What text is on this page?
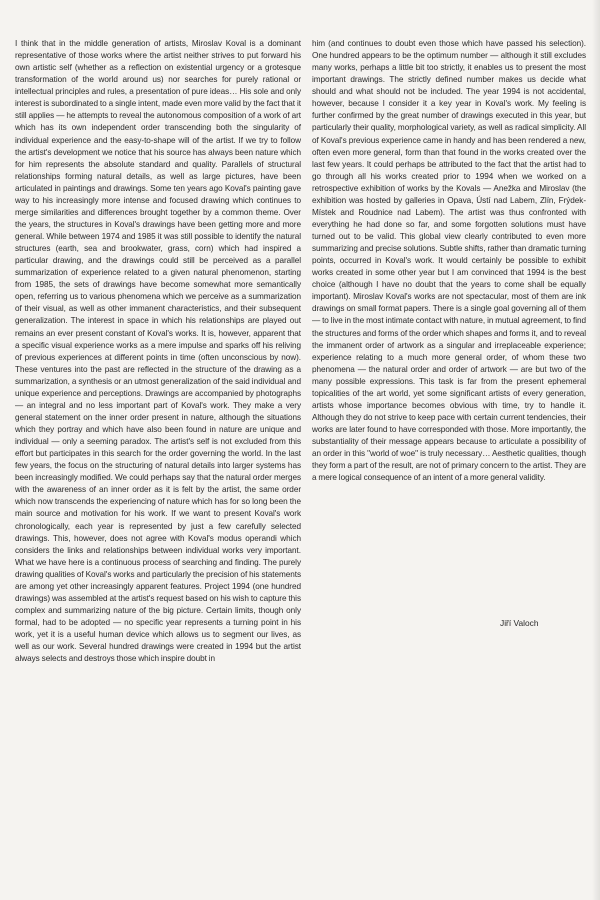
I think that in the middle generation of artists, Miroslav Koval is a dominant representative of those works where the artist neither strives to put forward his own artistic self (whether as a reflection on existential urgency or a grotesque transformation of the world around us) nor searches for purely rational or intellectual principles and rules, a presentation of pure ideas… His sole and only interest is subordinated to a single intent, made even more valid by the fact that it still applies — he attempts to reveal the autonomous composition of a work of art which has its own independent order transcending both the singularity of individual experience and the easy-to-shape will of the artist. If we try to follow the artist's development we notice that his source has always been nature which for him represents the absolute standard and quality. Parallels of structural relationships forming natural details, as well as large pictures, have been articulated in paintings and drawings. Some ten years ago Koval's painting gave way to his increasingly more intense and focused drawing which continues to merge similarities and differences brought together by a common theme. Over the years, the structures in Koval's drawings have been getting more and more general. While between 1974 and 1985 it was still possible to identify the natural structures (earth, sea and brookwater, grass, corn) which had inspired a particular drawing, and the drawings could still be perceived as a parallel summarization of experience related to a given natural phenomenon, starting from 1985, the sets of drawings have become somewhat more semantically open, referring us to various phenomena which we perceive as a summarization of their visual, as well as other immanent characteristics, and their subsequent generalization. The interest in space in which his relationships are played out remains an ever present constant of Koval's works. It is, however, apparent that a specific visual experience works as a mere impulse and sparks off his reliving of previous experiences at different points in time (often unconscious by now). These ventures into the past are reflected in the structure of the drawing as a summarization, a synthesis or an utmost generalization of the said individual and unique experience and perceptions. Drawings are accompanied by photographs — an integral and no less important part of Koval's work. They make a very general statement on the inner order present in nature, although the situations which they portray and which have also been found in nature are unique and individual — only a seeming paradox. The artist's self is not excluded from this effort but participates in this search for the order governing the world. In the last few years, the focus on the structuring of natural details into larger systems has been increasingly modified. We could perhaps say that the natural order merges with the awareness of an inner order as it is felt by the artist, the same order which now transcends the experiencing of nature which has for so long been the main source and motivation for his work. If we want to present Koval's work chronologically, each year is represented by just a few carefully selected drawings. This, however, does not agree with Koval's modus operandi which considers the links and relationships between individual works very important. What we have here is a continuous process of searching and finding. The purely drawing qualities of Koval's works and particularly the precision of his statements are among yet other increasingly apparent features. Project 1994 (one hundred drawings) was assembled at the artist's request based on his wish to capture this complex and summarizing nature of the big picture. Certain limits, though only formal, had to be adopted — no specific year represents a turning point in his work, yet it is a useful human device which allows us to segment our lives, as well as our work. Several hundred drawings were created in 1994 but the artist always selects and destroys those which inspire doubt in

him (and continues to doubt even those which have passed his selection). One hundred appears to be the optimum number — although it still excludes many works, perhaps a little bit too strictly, it enables us to present the most important drawings. The strictly defined number makes us decide what should and what should not be included. The year 1994 is not accidental, however, because I consider it a key year in Koval's work. My feeling is further confirmed by the great number of drawings executed in this year, but particularly their quality, morphological variety, as well as radical simplicity. All of Koval's previous experience came in handy and has been rendered a new, often even more general, form than that found in the works created over the last few years. It could perhaps be attributed to the fact that the artist had to go through all his works created prior to 1994 when we worked on a retrospective exhibition of works by the Kovals — Anežka and Miroslav (the exhibition was hosted by galleries in Opava, Ústí nad Labem, Zlín, Frýdek-Místek and Roudnice nad Labem). The artist was thus confronted with everything he had done so far, and some forgotten solutions must have turned out to be valid. This global view clearly contributed to even more summarizing and precise solutions. Subtle shifts, rather than dramatic turning points, occurred in Koval's work. It would certainly be possible to exhibit works created in some other year but I am convinced that 1994 is the best choice (although I have no doubt that the years to come shall be equally important). Miroslav Koval's works are not spectacular, most of them are ink drawings on small format papers. There is a single goal governing all of them — to live in the most intimate contact with nature, in mutual agreement, to find the structures and forms of the order which shapes and forms it, and to reveal the immanent order of artwork as a singular and irreplaceable experience; experience relating to a much more general order, of whom these two phenomena — the natural order and order of artwork — are but two of the many possible expressions. This task is far from the present ephemeral topicalities of the art world, yet some significant artists of every generation, artists whose importance becomes obvious with time, try to handle it. Although they do not strive to keep pace with certain current tendencies, their works are later found to have corresponded with those. More importantly, the substantiality of their message appears because to articulate a possibility of an order in this "world of woe" is truly necessary… Aesthetic qualities, though they form a part of the result, are not of primary concern to the artist. They are a mere logical consequence of an intent of a more general validity.

Jiří Valoch
